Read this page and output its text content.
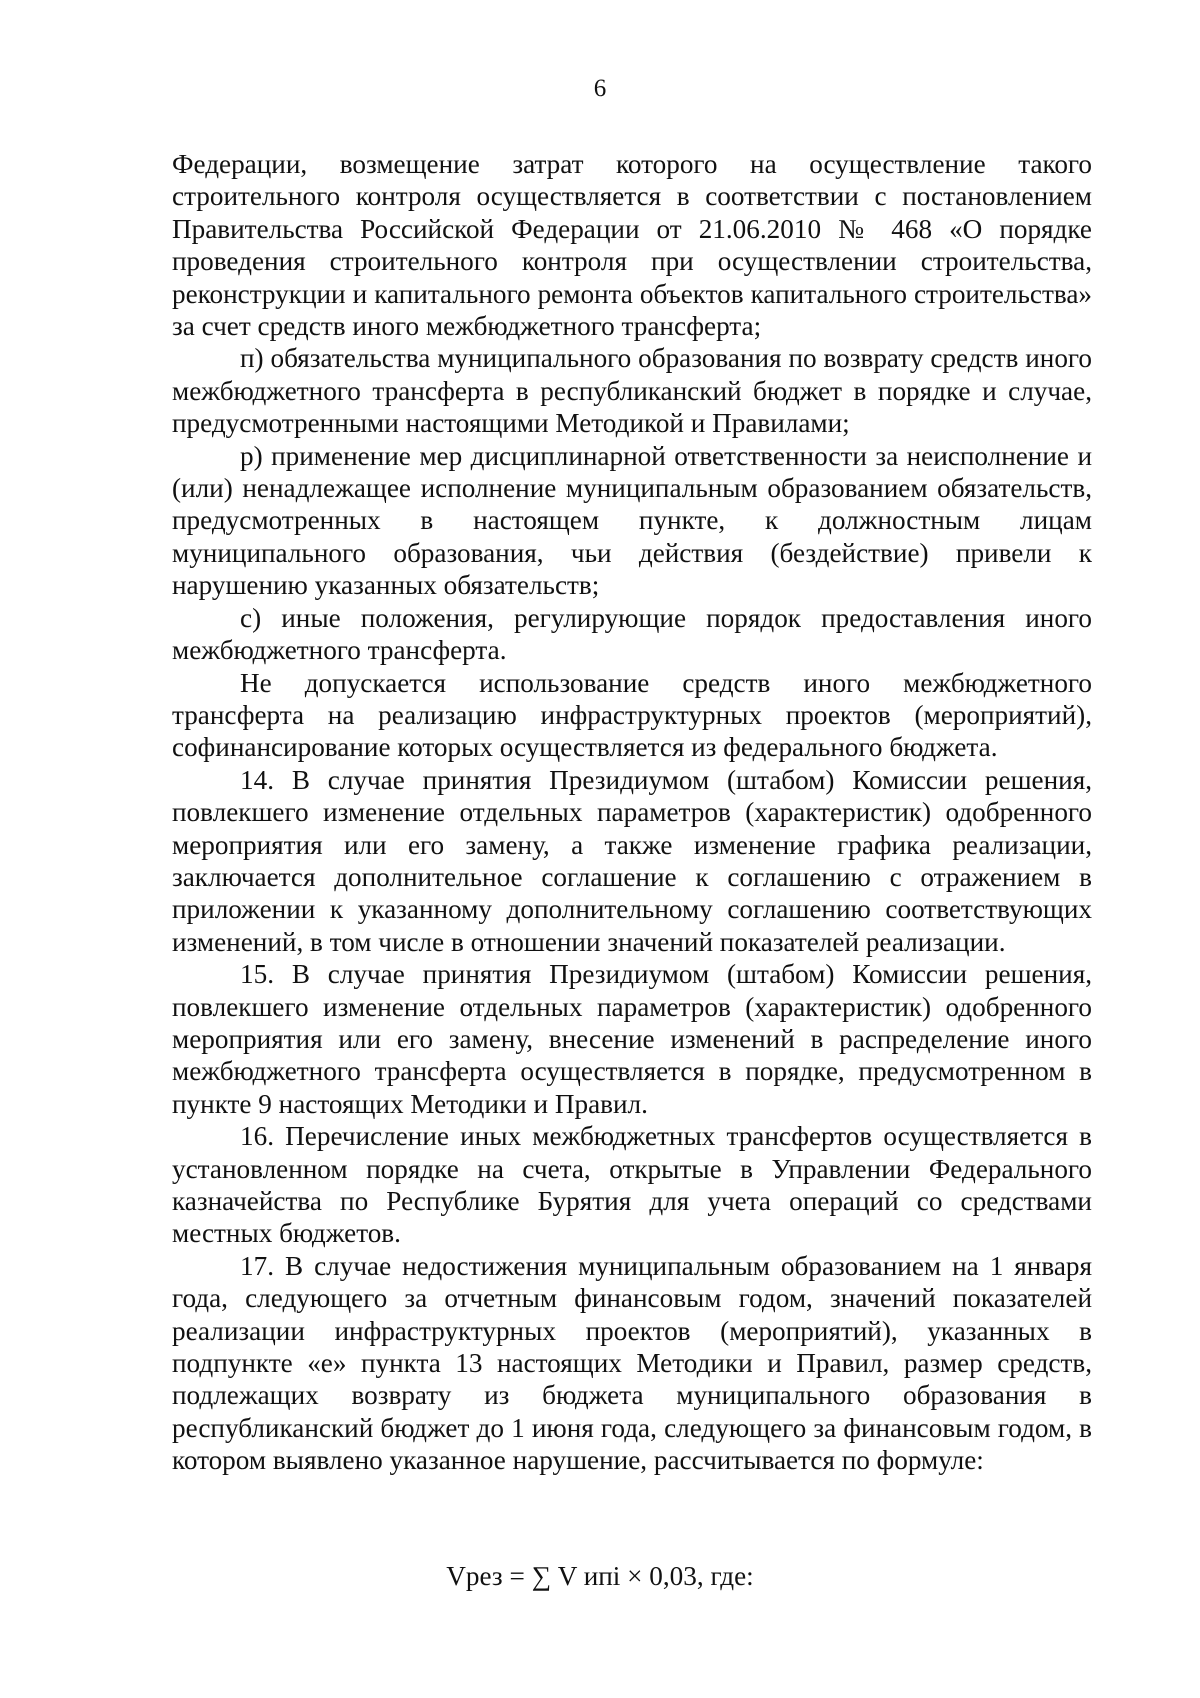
6

Федерации, возмещение затрат которого на осуществление такого строительного контроля осуществляется в соответствии с постановлением Правительства Российской Федерации от 21.06.2010 № 468 «О порядке проведения строительного контроля при осуществлении строительства, реконструкции и капитального ремонта объектов капитального строительства» за счет средств иного межбюджетного трансферта;

п) обязательства муниципального образования по возврату средств иного межбюджетного трансферта в республиканский бюджет в порядке и случае, предусмотренными настоящими Методикой и Правилами;

р) применение мер дисциплинарной ответственности за неисполнение и (или) ненадлежащее исполнение муниципальным образованием обязательств, предусмотренных в настоящем пункте, к должностным лицам муниципального образования, чьи действия (бездействие) привели к нарушению указанных обязательств;

с) иные положения, регулирующие порядок предоставления иного межбюджетного трансферта.

Не допускается использование средств иного межбюджетного трансферта на реализацию инфраструктурных проектов (мероприятий), софинансирование которых осуществляется из федерального бюджета.

14. В случае принятия Президиумом (штабом) Комиссии решения, повлекшего изменение отдельных параметров (характеристик) одобренного мероприятия или его замену, а также изменение графика реализации, заключается дополнительное соглашение к соглашению с отражением в приложении к указанному дополнительному соглашению соответствующих изменений, в том числе в отношении значений показателей реализации.

15. В случае принятия Президиумом (штабом) Комиссии решения, повлекшего изменение отдельных параметров (характеристик) одобренного мероприятия или его замену, внесение изменений в распределение иного межбюджетного трансферта осуществляется в порядке, предусмотренном в пункте 9 настоящих Методики и Правил.

16. Перечисление иных межбюджетных трансфертов осуществляется в установленном порядке на счета, открытые в Управлении Федерального казначейства по Республике Бурятия для учета операций со средствами местных бюджетов.

17. В случае недостижения муниципальным образованием на 1 января года, следующего за отчетным финансовым годом, значений показателей реализации инфраструктурных проектов (мероприятий), указанных в подпункте «е» пункта 13 настоящих Методики и Правил, размер средств, подлежащих возврату из бюджета муниципального образования в республиканский бюджет до 1 июня года, следующего за финансовым годом, в котором выявлено указанное нарушение, рассчитывается по формуле:

Vрез = ∑ V ипi × 0,03, где:
